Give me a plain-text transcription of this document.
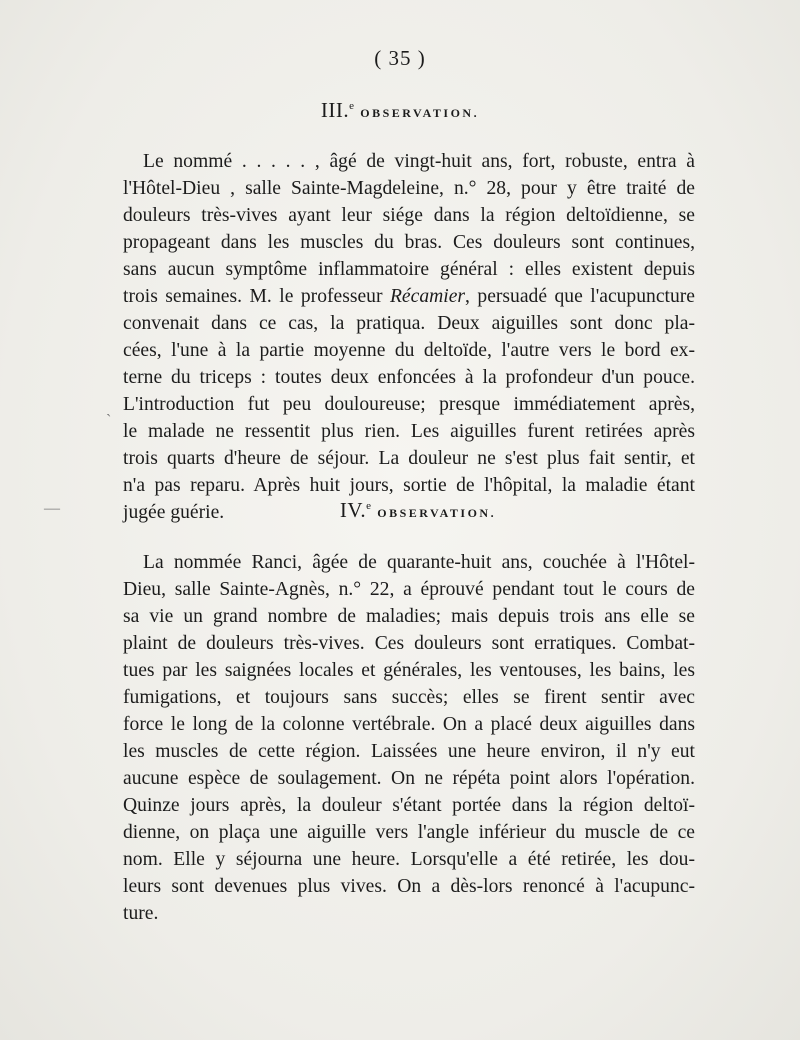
( 35 )
III.$^e$ OBSERVATION.
Le nommé . . . . . , âgé de vingt-huit ans, fort, robuste, entra à
l'Hôtel-Dieu , salle Sainte-Magdeleine, n.° 28, pour y être traité de
douleurs très-vives ayant leur siége dans la région deltoïdienne, se
propageant dans les muscles du bras. Ces douleurs sont continues,
sans aucun symptôme inflammatoire général : elles existent depuis
trois semaines. M. le professeur Récamier, persuadé que l'acupuncture
convenait dans ce cas, la pratiqua. Deux aiguilles sont donc pla-
cées, l'une à la partie moyenne du deltoïde, l'autre vers le bord ex-
terne du triceps : toutes deux enfoncées à la profondeur d'un pouce.
L'introduction fut peu douloureuse; presque immédiatement après,
le malade ne ressentit plus rien. Les aiguilles furent retirées après
trois quarts d'heure de séjour. La douleur ne s'est plus fait sentir, et
n'a pas reparu. Après huit jours, sortie de l'hôpital, la maladie étant
jugée guérie.	IV.$^e$ OBSERVATION.
La nommée Ranci, âgée de quarante-huit ans, couchée à l'Hôtel-
Dieu, salle Sainte-Agnès, n.° 22, a éprouvé pendant tout le cours de
sa vie un grand nombre de maladies; mais depuis trois ans elle se
plaint de douleurs très-vives. Ces douleurs sont erratiques. Combat-
tues par les saignées locales et générales, les ventouses, les bains, les
fumigations, et toujours sans succès; elles se firent sentir avec
force le long de la colonne vertébrale. On a placé deux aiguilles dans
les muscles de cette région. Laissées une heure environ, il n'y eut
aucune espèce de soulagement. On ne répéta point alors l'opération.
Quinze jours après, la douleur s'étant portée dans la région deltoï-
dienne, on plaça une aiguille vers l'angle inférieur du muscle de ce
nom. Elle y séjourna une heure. Lorsqu'elle a été retirée, les dou-
leurs sont devenues plus vives. On a dès-lors renoncé à l'acupunc-
ture.
ˏ
—
